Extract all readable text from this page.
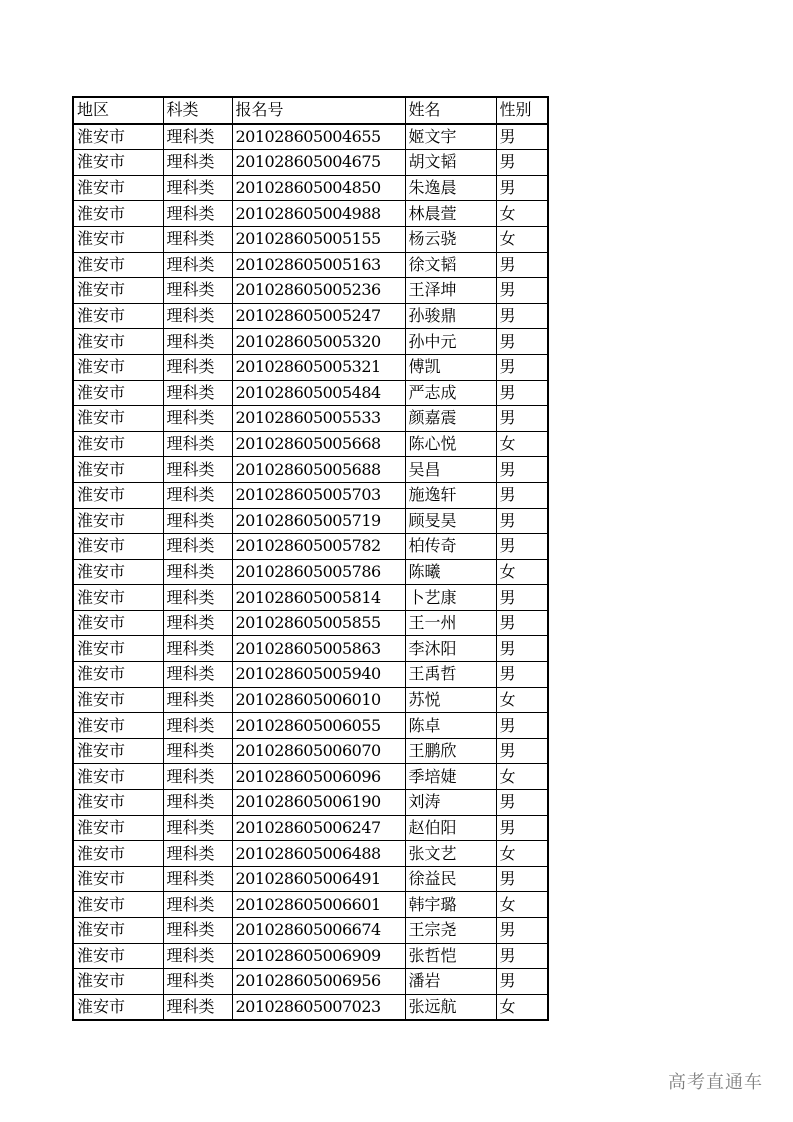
地区	科类	报名号	姓名	性别
淮安市	理科类	201028605004655	姬文宇	男
淮安市	理科类	201028605004675	胡文韬	男
淮安市	理科类	201028605004850	朱逸晨	男
淮安市	理科类	201028605004988	林晨萱	女
淮安市	理科类	201028605005155	杨云骁	女
淮安市	理科类	201028605005163	徐文韬	男
淮安市	理科类	201028605005236	王泽坤	男
淮安市	理科类	201028605005247	孙骏鼎	男
淮安市	理科类	201028605005320	孙中元	男
淮安市	理科类	201028605005321	傅凯	男
淮安市	理科类	201028605005484	严志成	男
淮安市	理科类	201028605005533	颜嘉震	男
淮安市	理科类	201028605005668	陈心悦	女
淮安市	理科类	201028605005688	吴昌	男
淮安市	理科类	201028605005703	施逸轩	男
淮安市	理科类	201028605005719	顾旻昊	男
淮安市	理科类	201028605005782	柏传奇	男
淮安市	理科类	201028605005786	陈曦	女
淮安市	理科类	201028605005814	卜艺康	男
淮安市	理科类	201028605005855	王一州	男
淮安市	理科类	201028605005863	李沐阳	男
淮安市	理科类	201028605005940	王禹哲	男
淮安市	理科类	201028605006010	苏悦	女
淮安市	理科类	201028605006055	陈卓	男
淮安市	理科类	201028605006070	王鹏欣	男
淮安市	理科类	201028605006096	季培婕	女
淮安市	理科类	201028605006190	刘涛	男
淮安市	理科类	201028605006247	赵伯阳	男
淮安市	理科类	201028605006488	张文艺	女
淮安市	理科类	201028605006491	徐益民	男
淮安市	理科类	201028605006601	韩宇璐	女
淮安市	理科类	201028605006674	王宗尧	男
淮安市	理科类	201028605006909	张哲恺	男
淮安市	理科类	201028605006956	潘岩	男
淮安市	理科类	201028605007023	张远航	女
高考直通车
